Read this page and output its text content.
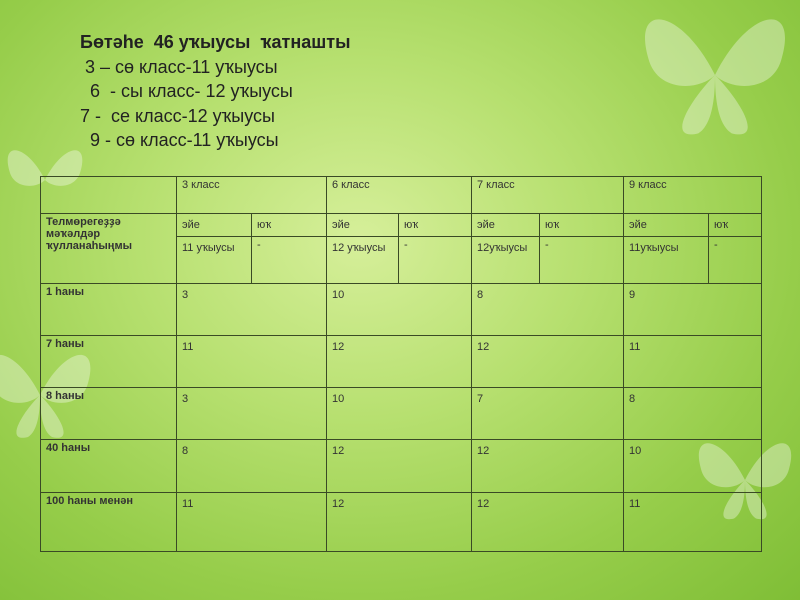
Бөтәһе  46 уҡыусы  ҡатнашты
3 – сө класс-11 уҡыусы
6  - сы класс- 12 уҡыусы
7 -  се класс-12 уҡыусы
9 - сө класс-11 уҡыусы
	3 класс		6 класс		7 класс		9 класс	
Телмөрегеҙҙә мәҡәлдәр ҡулланаһыңмы	эйе	юҡ	эйе	юҡ	эйе	юҡ	эйе	юҡ
	11 уҡыусы	-	12 уҡыусы	-	12уҡыусы	-	11уҡыусы	-
1 һаны	3		10		8		9	
7 һаны	11		12		12		11	
8 һаны	3		10		7		8	
40 һаны	8		12		12		10	
100 һаны менән	11		12		12		11	
